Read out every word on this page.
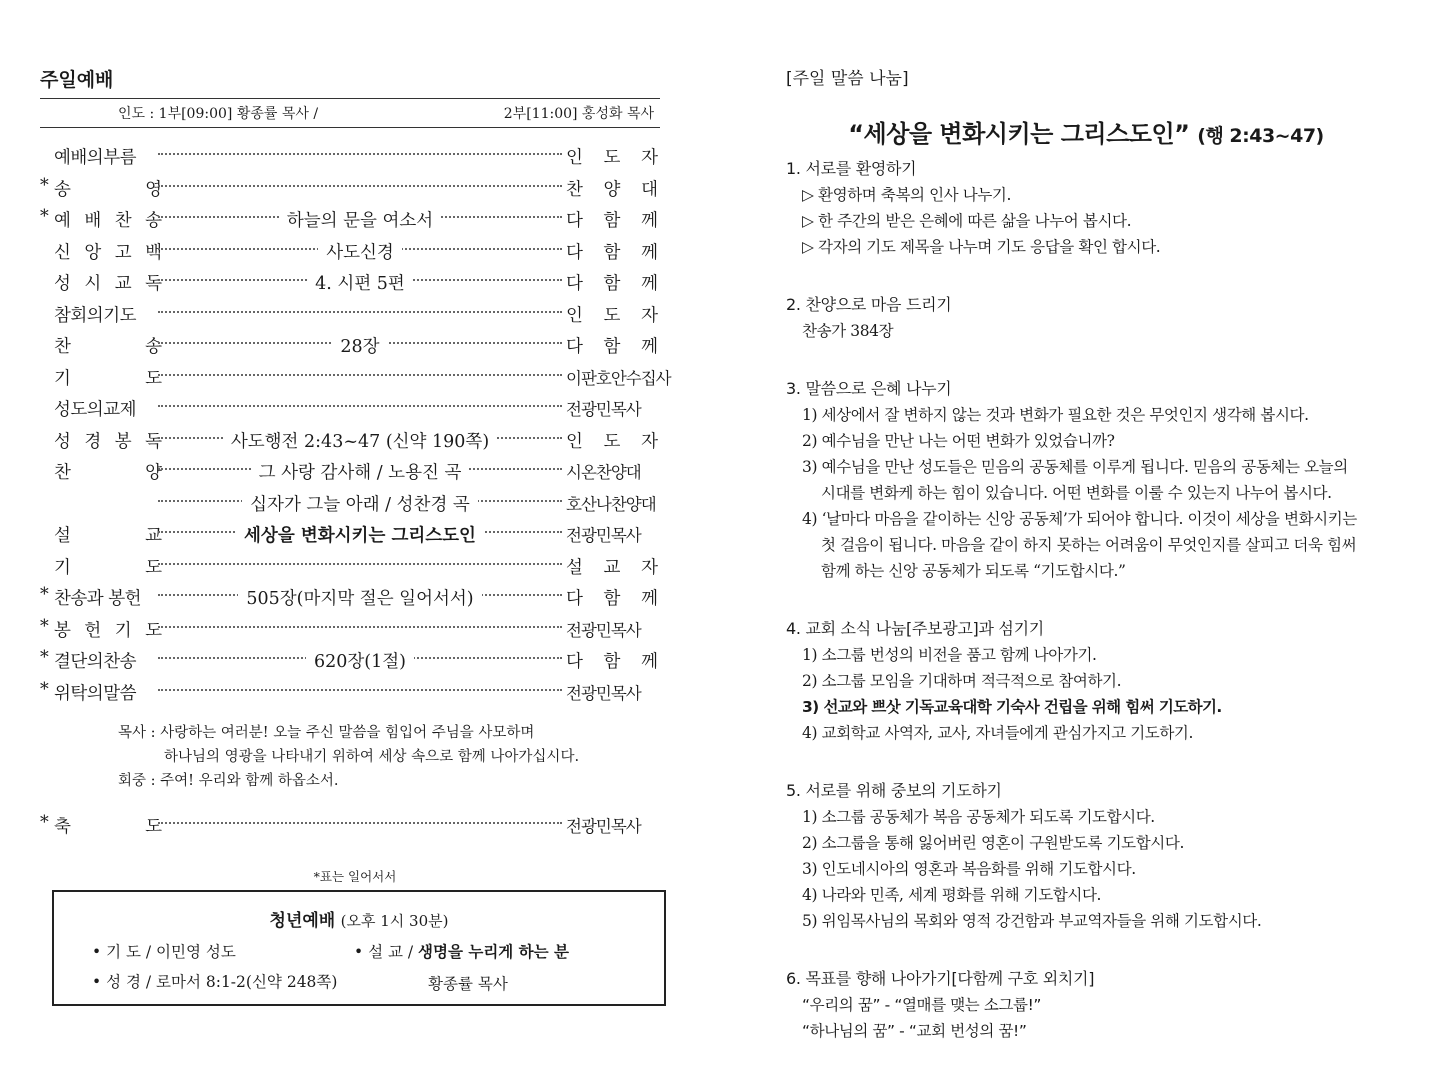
주일예배
인도 : 1부[09:00] 황종률 목사 /	2부[11:00] 홍성화 목사
예배의부름	인 도 자
* 송	영	찬 양 대
* 예 배 찬 송	하늘의 문을 여소서	다 함 께
신 앙 고 백	사도신경	다 함 께
성 시 교 독	4. 시편 5편	다 함 께
참회의기도	인 도 자
찬	송	28장	다 함 께
기	도	이판호안수집사
성도의교제	전광민목사
성 경 봉 독	사도행전 2:43~47 (신약 190쪽)	인 도 자
찬	양	그 사랑 감사해 / 노용진 곡	시온찬양대
십자가 그늘 아래 / 성찬경 곡	호산나찬양대
설	교	세상을 변화시키는 그리스도인	전광민목사
기	도	설 교 자
* 찬송과 봉헌	505장(마지막 절은 일어서서)	다 함 께
* 봉 헌 기 도	전광민목사
* 결단의찬송	620장(1절)	다 함 께
* 위탁의말씀	전광민목사
목사 : 사랑하는 여러분! 오늘 주신 말씀을 힘입어 주님을 사모하며
하나님의 영광을 나타내기 위하여 세상 속으로 함께 나아가십시다.
회중 : 주여! 우리와 함께 하옵소서.
* 축	도	전광민목사
*표는 일어서서
청년예배 (오후 1시 30분)
• 기 도 / 이민영 성도	• 설 교 / 생명을 누리게 하는 분
• 성 경 / 로마서 8:1-2(신약 248쪽)	황종률 목사
[주일 말씀 나눔]
“세상을 변화시키는 그리스도인” (행 2:43~47)
1. 서로를 환영하기
▷ 환영하며 축복의 인사 나누기.
▷ 한 주간의 받은 은혜에 따른 삶을 나누어 봅시다.
▷ 각자의 기도 제목을 나누며 기도 응답을 확인 합시다.
2. 찬양으로 마음 드리기
찬송가 384장
3. 말씀으로 은혜 나누기
1) 세상에서 잘 변하지 않는 것과 변화가 필요한 것은 무엇인지 생각해 봅시다.
2) 예수님을 만난 나는 어떤 변화가 있었습니까?
3) 예수님을 만난 성도들은 믿음의 공동체를 이루게 됩니다. 믿음의 공동체는 오늘의
시대를 변화케 하는 힘이 있습니다. 어떤 변화를 이룰 수 있는지 나누어 봅시다.
4) ‘날마다 마음을 같이하는 신앙 공동체’가 되어야 합니다. 이것이 세상을 변화시키는
첫 걸음이 됩니다. 마음을 같이 하지 못하는 어려움이 무엇인지를 살피고 더욱 힘써
함께 하는 신앙 공동체가 되도록 “기도합시다.”
4. 교회 소식 나눔[주보광고]과 섬기기
1) 소그룹 번성의 비전을 품고 함께 나아가기.
2) 소그룹 모임을 기대하며 적극적으로 참여하기.
3) 선교와 쁘삿 기독교육대학 기숙사 건립을 위해 힘써 기도하기.
4) 교회학교 사역자, 교사, 자녀들에게 관심가지고 기도하기.
5. 서로를 위해 중보의 기도하기
1) 소그룹 공동체가 복음 공동체가 되도록 기도합시다.
2) 소그룹을 통해 잃어버린 영혼이 구원받도록 기도합시다.
3) 인도네시아의 영혼과 복음화를 위해 기도합시다.
4) 나라와 민족, 세계 평화를 위해 기도합시다.
5) 위임목사님의 목회와 영적 강건함과 부교역자들을 위해 기도합시다.
6. 목표를 향해 나아가기[다함께 구호 외치기]
“우리의 꿈” - “열매를 맺는 소그룹!”
“하나님의 꿈” - “교회 번성의 꿈!”
